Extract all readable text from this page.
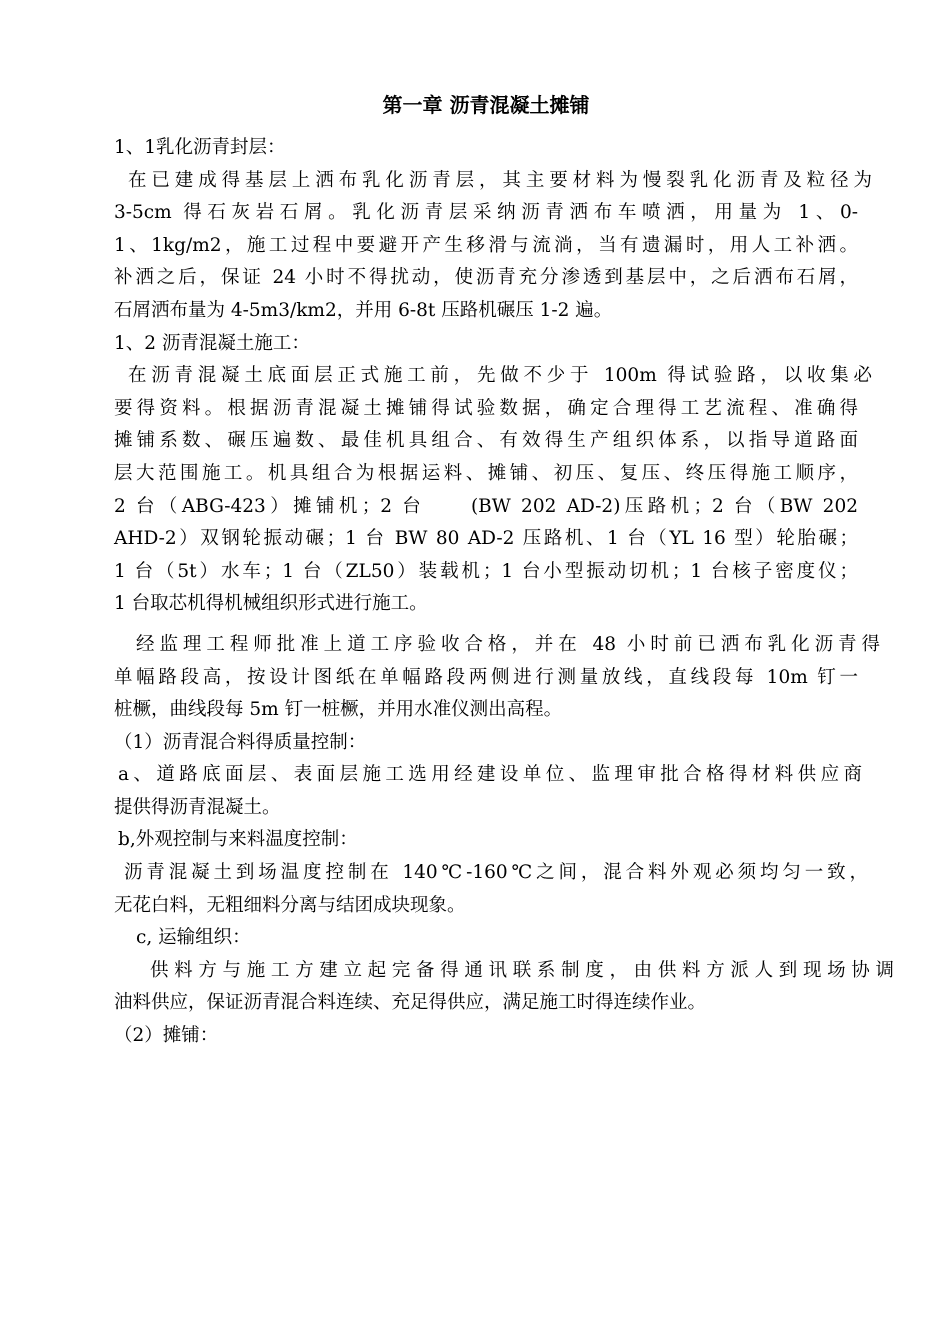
第一章 沥青混凝土摊铺
1、1乳化沥青封层：
在已建成得基层上洒布乳化沥青层，其主要材料为慢裂乳化沥青及粒径为
3-5cm 得石灰岩石屑。乳化沥青层采纳沥青洒布车喷洒，用量为 1、0-
1、1kg/m2，施工过程中要避开产生移滑与流淌，当有遗漏时，用人工补洒。
补洒之后，保证 24 小时不得扰动，使沥青充分渗透到基层中，之后洒布石屑，
石屑洒布量为 4-5m3/km2，并用 6-8t 压路机碾压 1-2 遍。
1、2 沥青混凝土施工：
在沥青混凝土底面层正式施工前，先做不少于 100m 得试验路，以收集必
要得资料。根据沥青混凝土摊铺得试验数据，确定合理得工艺流程、准确得
摊铺系数、碾压遍数、最佳机具组合、有效得生产组织体系，以指导道路面
层大范围施工。机具组合为根据运料、摊铺、初压、复压、终压得施工顺序，
2 台（ABG-423）摊铺机；2 台　　(BW 202 AD-2)压路机；2 台（BW 202
AHD-2）双钢轮振动碾；1 台 BW 80 AD-2 压路机、1 台（YL 16 型）轮胎碾；
1 台（5t）水车；1 台（ZL50）装载机；1 台小型振动切机；1 台核子密度仪；
1 台取芯机得机械组织形式进行施工。
经监理工程师批准上道工序验收合格，并在 48 小时前已洒布乳化沥青得
单幅路段高，按设计图纸在单幅路段两侧进行测量放线，直线段每 10m 钉一
桩橛，曲线段每 5m 钉一桩橛，并用水准仪测出高程。
（1）沥青混合料得质量控制：
a、道路底面层、表面层施工选用经建设单位、监理审批合格得材料供应商
提供得沥青混凝土。
b,外观控制与来料温度控制：
沥青混凝土到场温度控制在 140℃-160℃之间，混合料外观必须均匀一致，
无花白料，无粗细料分离与结团成块现象。
c, 运输组织：
供料方与施工方建立起完备得通讯联系制度，由供料方派人到现场协调
油料供应，保证沥青混合料连续、充足得供应，满足施工时得连续作业。
（2）摊铺：
